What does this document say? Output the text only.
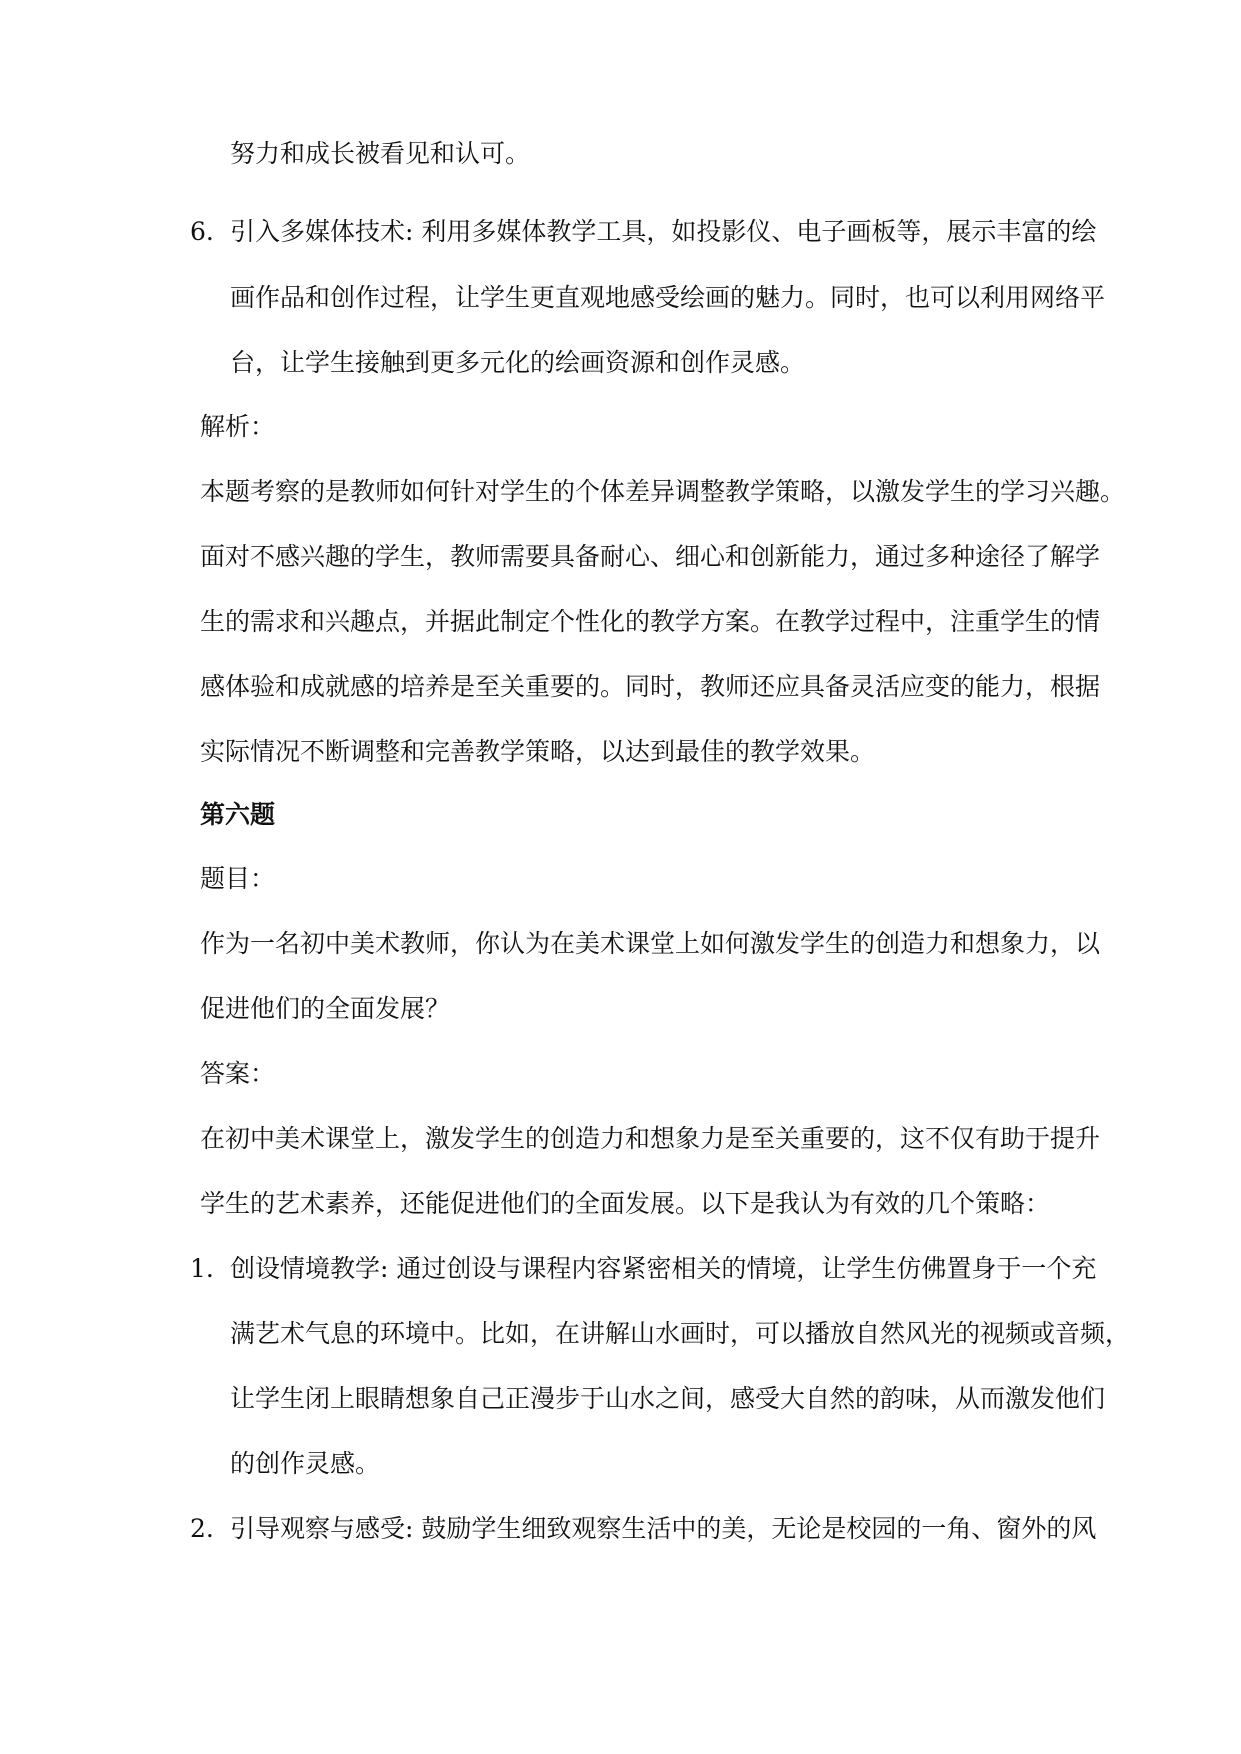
努力和成长被看见和认可。
6. 引入多媒体技术: 利用多媒体教学工具，如投影仪、电子画板等，展示丰富的绘
画作品和创作过程，让学生更直观地感受绘画的魅力。同时，也可以利用网络平
台，让学生接触到更多元化的绘画资源和创作灵感。
解析：
本题考察的是教师如何针对学生的个体差异调整教学策略，以激发学生的学习兴趣。
面对不感兴趣的学生，教师需要具备耐心、细心和创新能力，通过多种途径了解学
生的需求和兴趣点，并据此制定个性化的教学方案。在教学过程中，注重学生的情
感体验和成就感的培养是至关重要的。同时，教师还应具备灵活应变的能力，根据
实际情况不断调整和完善教学策略，以达到最佳的教学效果。
第六题
题目：
作为一名初中美术教师，你认为在美术课堂上如何激发学生的创造力和想象力，以
促进他们的全面发展？
答案：
在初中美术课堂上，激发学生的创造力和想象力是至关重要的，这不仅有助于提升
学生的艺术素养，还能促进他们的全面发展。以下是我认为有效的几个策略：
1. 创设情境教学: 通过创设与课程内容紧密相关的情境，让学生仿佛置身于一个充
满艺术气息的环境中。比如，在讲解山水画时，可以播放自然风光的视频或音频，
让学生闭上眼睛想象自己正漫步于山水之间，感受大自然的韵味，从而激发他们
的创作灵感。
2. 引导观察与感受: 鼓励学生细致观察生活中的美，无论是校园的一角、窗外的风
